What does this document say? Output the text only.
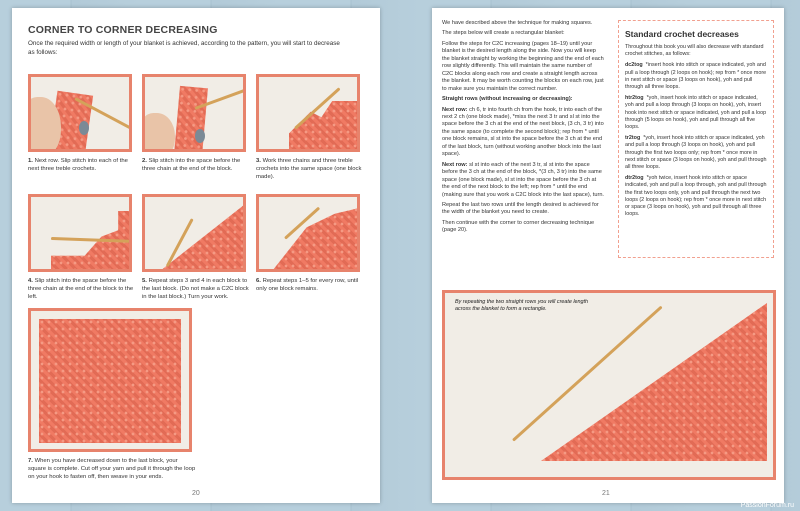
CORNER TO CORNER DECREASING
Once the required width or length of your blanket is achieved, according to the pattern, you will start to decrease as follows:
1. Next row. Slip stitch into each of the next three treble crochets.
2. Slip stitch into the space before the three chain at the end of the block.
3. Work three chains and three treble crochets into the same space (one block made).
4. Slip stitch into the space before the three chain at the end of the block to the left.
5. Repeat steps 3 and 4 in each block to the last block. (Do not make a C2C block in the last block.) Turn your work.
6. Repeat steps 1–5 for every row, until only one block remains.
7. When you have decreased down to the last block, your square is complete. Cut off your yarn and pull it through the loop on your hook to fasten off, then weave in your ends.
20

We have described above the technique for making squares.

The steps below will create a rectangular blanket:

Follow the steps for C2C increasing (pages 18–19) until your blanket is the desired length along the side. Now you will keep the blanket straight by working the beginning and the end of each row slightly differently. This will maintain the same number of C2C blocks along each row and create a straight length across the blanket. It may be worth counting the blocks on each row, just to make sure you maintain the correct number.

Straight rows (without increasing or decreasing):

Next row: ch 6, tr into fourth ch from the hook, tr into each of the next 2 ch (one block made), *miss the next 3 tr and sl st into the space before the 3 ch at the end of the next block, (3 ch, 3 tr) into the same space (to complete the second block); rep from * until one block remains, sl st into the space before the 3 ch at the end of the last block, turn (without working another block into the last space).

Next row: sl st into each of the next 3 tr, sl st into the space before the 3 ch at the end of the block, *(3 ch, 3 tr) into the same space (one block made), sl st into the space before the 3 ch at the end of the next block to the left; rep from * until the end (making sure that you work a C2C block into the last space), turn.

Repeat the last two rows until the length desired is achieved for the width of the blanket you need to create.

Then continue with the corner to corner decreasing technique (page 20).

Standard crochet decreases
Throughout this book you will also decrease with standard crochet stitches, as follows:
dc2tog *insert hook into stitch or space indicated, yoh and pull a loop through (2 loops on hook); rep from * once more in next stitch or space (3 loops on hook), yoh and pull through all three loops.
htr2tog *yoh, insert hook into stitch or space indicated, yoh and pull a loop through (3 loops on hook), yoh, insert hook into next stitch or space indicated, yoh and pull a loop through (5 loops on hook), yoh and pull through all five loops.
tr2tog *yoh, insert hook into stitch or space indicated, yoh and pull a loop through (3 loops on hook), yoh and pull through the first two loops only; rep from * once more in next stitch or space (3 loops on hook), yoh and pull through all three loops.
dtr2tog *yoh twice, insert hook into stitch or space indicated, yoh and pull a loop through, yoh and pull through the first two loops only, yoh and pull through the next two loops (2 loops on hook); rep from * once more in next stitch or space (3 loops on hook), yoh and pull through all three loops.
By repeating the two straight rows you will create length across the blanket to form a rectangle.
21
PassionForum.ru
